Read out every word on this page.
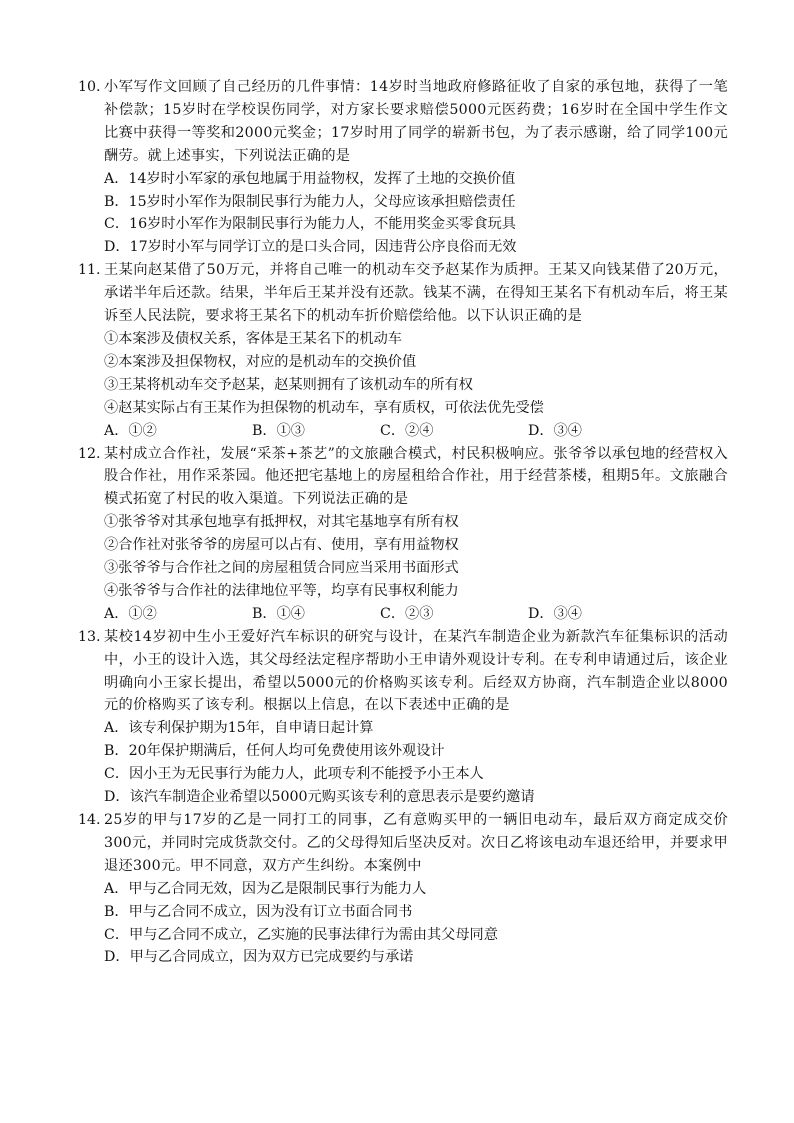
10. 小军写作文回顾了自己经历的几件事情：14岁时当地政府修路征收了自家的承包地，获得了一笔补偿款；15岁时在学校误伤同学，对方家长要求赔偿5000元医药费；16岁时在全国中学生作文比赛中获得一等奖和2000元奖金；17岁时用了同学的崭新书包，为了表示感谢，给了同学100元酬劳。就上述事实，下列说法正确的是
A．14岁时小军家的承包地属于用益物权，发挥了土地的交换价值
B．15岁时小军作为限制民事行为能力人，父母应该承担赔偿责任
C．16岁时小军作为限制民事行为能力人，不能用奖金买零食玩具
D．17岁时小军与同学订立的是口头合同，因违背公序良俗而无效
11. 王某向赵某借了50万元，并将自己唯一的机动车交予赵某作为质押。王某又向钱某借了20万元，承诺半年后还款。结果，半年后王某并没有还款。钱某不满，在得知王某名下有机动车后，将王某诉至人民法院，要求将王某名下的机动车折价赔偿给他。以下认识正确的是
①本案涉及债权关系，客体是王某名下的机动车
②本案涉及担保物权，对应的是机动车的交换价值
③王某将机动车交予赵某，赵某则拥有了该机动车的所有权
④赵某实际占有王某作为担保物的机动车，享有质权，可依法优先受偿
A．①②	B．①③	C．②④	D．③④
12. 某村成立合作社，发展“采茶+茶艺”的文旅融合模式，村民积极响应。张爷爷以承包地的经营权入股合作社，用作采茶园。他还把宅基地上的房屋租给合作社，用于经营茶楼，租期5年。文旅融合模式拓宽了村民的收入渠道。下列说法正确的是
①张爷爷对其承包地享有抵押权，对其宅基地享有所有权
②合作社对张爷爷的房屋可以占有、使用，享有用益物权
③张爷爷与合作社之间的房屋租赁合同应当采用书面形式
④张爷爷与合作社的法律地位平等，均享有民事权利能力
A．①②	B．①④	C．②③	D．③④
13. 某校14岁初中生小王爱好汽车标识的研究与设计，在某汽车制造企业为新款汽车征集标识的活动中，小王的设计入选，其父母经法定程序帮助小王申请外观设计专利。在专利申请通过后，该企业明确向小王家长提出，希望以5000元的价格购买该专利。后经双方协商，汽车制造企业以8000元的价格购买了该专利。根据以上信息，在以下表述中正确的是
A．该专利保护期为15年，自申请日起计算
B．20年保护期满后，任何人均可免费使用该外观设计
C．因小王为无民事行为能力人，此项专利不能授予小王本人
D．该汽车制造企业希望以5000元购买该专利的意思表示是要约邀请
14. 25岁的甲与17岁的乙是一同打工的同事，乙有意购买甲的一辆旧电动车，最后双方商定成交价300元，并同时完成货款交付。乙的父母得知后坚决反对。次日乙将该电动车退还给甲，并要求甲退还300元。甲不同意，双方产生纠纷。本案例中
A．甲与乙合同无效，因为乙是限制民事行为能力人
B．甲与乙合同不成立，因为没有订立书面合同书
C．甲与乙合同不成立，乙实施的民事法律行为需由其父母同意
D．甲与乙合同成立，因为双方已完成要约与承诺
